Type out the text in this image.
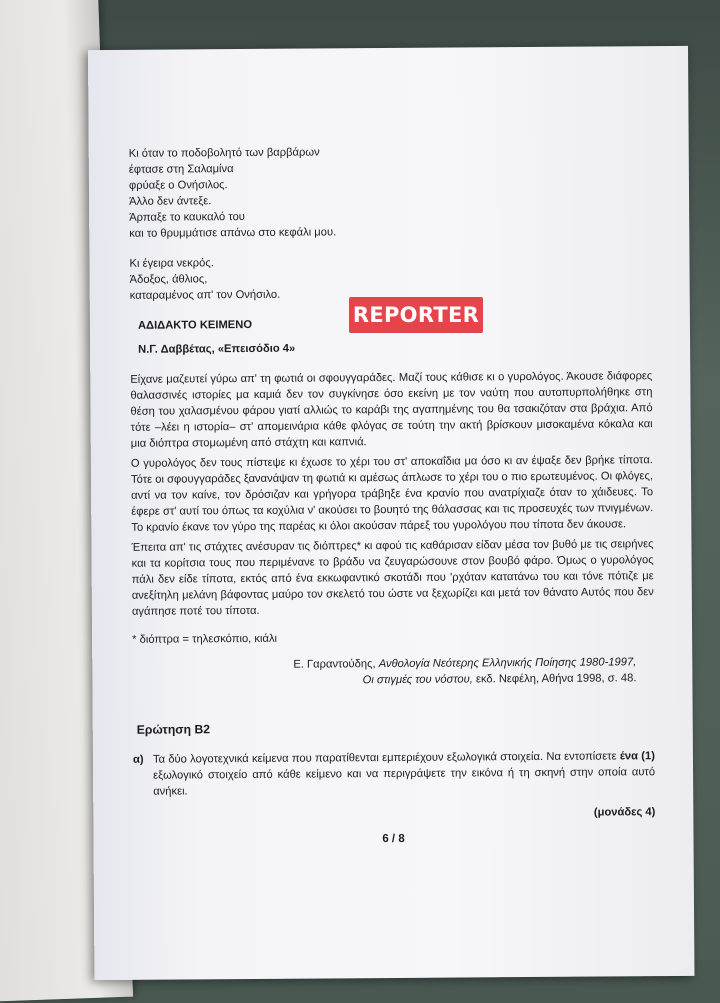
Κι όταν το ποδοβολητό των βαρβάρων
έφτασε στη Σαλαμίνα
φρύαξε ο Ονήσιλος.
Άλλο δεν άντεξε.
Άρπαξε το καυκαλό του
και το θρυμμάτισε απάνω στο κεφάλι μου.
Κι έγειρα νεκρός.
Άδοξος, άθλιος,
καταραμένος απ' τον Ονήσιλο.
ΑΔΙΔΑΚΤΟ ΚΕΙΜΕΝΟ
Ν.Γ. Δαββέτας, «Επεισόδιο 4»

Είχανε μαζευτεί γύρω απ' τη φωτιά οι σφουγγαράδες. Μαζί τους κάθισε κι ο γυρολόγος. Άκουσε διάφορες θαλασσινές ιστορίες μα καμιά δεν τον συγκίνησε όσο εκείνη με τον ναύτη που αυτοπυρπολήθηκε στη θέση του χαλασμένου φάρου γιατί αλλιώς το καράβι της αγαπημένης του θα τσακιζόταν στα βράχια. Από τότε –λέει η ιστορία– στ' απομεινάρια κάθε φλόγας σε τούτη την ακτή βρίσκουν μισοκαμένα κόκαλα και μια διόπτρα στομωμένη από στάχτη και καπνιά.

Ο γυρολόγος δεν τους πίστεψε κι έχωσε το χέρι του στ' αποκαΐδια μα όσο κι αν έψαξε δεν βρήκε τίποτα. Τότε οι σφουγγαράδες ξανανάψαν τη φωτιά κι αμέσως άπλωσε το χέρι του ο πιο ερωτευμένος. Οι φλόγες, αντί να τον καίνε, τον δρόσιζαν και γρήγορα τράβηξε ένα κρανίο που ανατρίχιαζε όταν το χάιδευες. Το έφερε στ' αυτί του όπως τα κοχύλια ν' ακούσει το βουητό της θάλασσας και τις προσευχές των πνιγμένων. Το κρανίο έκανε τον γύρο της παρέας κι όλοι ακούσαν πάρεξ του γυρολόγου που τίποτα δεν άκουσε.

Έπειτα απ' τις στάχτες ανέσυραν τις διόπτρες* κι αφού τις καθάρισαν είδαν μέσα τον βυθό με τις σειρήνες και τα κορίτσια τους που περιμένανε το βράδυ να ζευγαρώσουνε στον βουβό φάρο. Όμως ο γυρολόγος πάλι δεν είδε τίποτα, εκτός από ένα εκκωφαντικό σκοτάδι που 'ρχόταν κατατάνω του και τόνε πότιζε με ανεξίτηλη μελάνη βάφοντας μαύρο τον σκελετό του ώστε να ξεχωρίζει και μετά τον θάνατο Αυτός που δεν αγάπησε ποτέ του τίποτα.

* διόπτρα = τηλεσκόπιο, κιάλι
Ε. Γαραντούδης, Ανθολογία Νεότερης Ελληνικής Ποίησης 1980-1997,
Οι στιγμές του νόστου, εκδ. Νεφέλη, Αθήνα 1998, σ. 48.
Ερώτηση Β2
α) Τα δύο λογοτεχνικά κείμενα που παρατίθενται εμπεριέχουν εξωλογικά στοιχεία. Να εντοπίσετε ένα (1) εξωλογικό στοιχείο από κάθε κείμενο και να περιγράψετε την εικόνα ή τη σκηνή στην οποία αυτό ανήκει.
(μονάδες 4)
6 / 8
REPORTER
